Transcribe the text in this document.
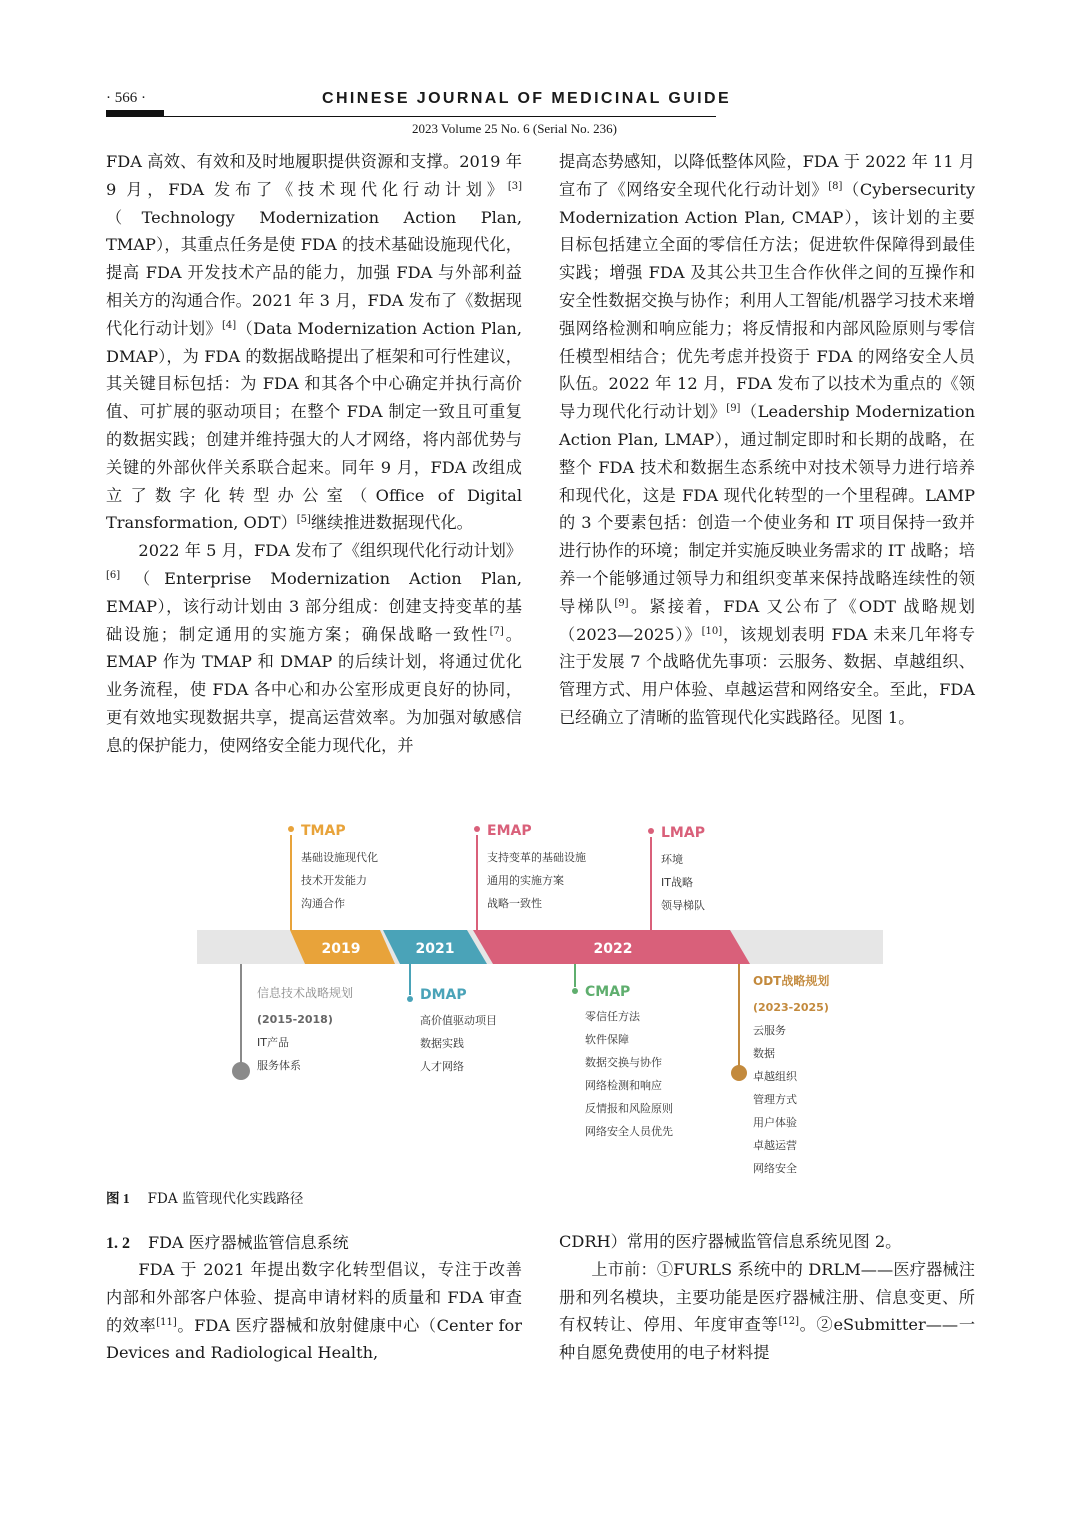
· 566 ·	CHINESE JOURNAL OF MEDICINAL GUIDE
2023 Volume 25 No. 6 (Serial No. 236)

FDA 高效、有效和及时地履职提供资源和支撑。2019 年 9 月，FDA 发布了《技术现代化行动计划》[3]（Technology Modernization Action Plan, TMAP），其重点任务是使 FDA 的技术基础设施现代化，提高 FDA 开发技术产品的能力，加强 FDA 与外部利益相关方的沟通合作。2021 年 3 月，FDA 发布了《数据现代化行动计划》[4]（Data Modernization Action Plan, DMAP），为 FDA 的数据战略提出了框架和可行性建议，其关键目标包括：为 FDA 和其各个中心确定并执行高价值、可扩展的驱动项目；在整个 FDA 制定一致且可重复的数据实践；创建并维持强大的人才网络，将内部优势与关键的外部伙伴关系联合起来。同年 9 月，FDA 改组成立了数字化转型办公室（Office of Digital Transformation, ODT）[5]继续推进数据现代化。

2022 年 5 月，FDA 发布了《组织现代化行动计划》[6]（Enterprise Modernization Action Plan, EMAP），该行动计划由 3 部分组成：创建支持变革的基础设施；制定通用的实施方案；确保战略一致性[7]。EMAP 作为 TMAP 和 DMAP 的后续计划，将通过优化业务流程，使 FDA 各中心和办公室形成更良好的协同，更有效地实现数据共享，提高运营效率。为加强对敏感信息的保护能力，使网络安全能力现代化，并

提高态势感知，以降低整体风险，FDA 于 2022 年 11 月宣布了《网络安全现代化行动计划》[8]（Cybersecurity Modernization Action Plan, CMAP），该计划的主要目标包括建立全面的零信任方法；促进软件保障得到最佳实践；增强 FDA 及其公共卫生合作伙伴之间的互操作和安全性数据交换与协作；利用人工智能/机器学习技术来增强网络检测和响应能力；将反情报和内部风险原则与零信任模型相结合；优先考虑并投资于 FDA 的网络安全人员队伍。2022 年 12 月，FDA 发布了以技术为重点的《领导力现代化行动计划》[9]（Leadership Modernization Action Plan, LMAP），通过制定即时和长期的战略，在整个 FDA 技术和数据生态系统中对技术领导力进行培养和现代化，这是 FDA 现代化转型的一个里程碑。LAMP 的 3 个要素包括：创造一个使业务和 IT 项目保持一致并进行协作的环境；制定并实施反映业务需求的 IT 战略；培养一个能够通过领导力和组织变革来保持战略连续性的领导梯队[9]。紧接着，FDA 又公布了《ODT 战略规划（2023—2025）》[10]，该规划表明 FDA 未来几年将专注于发展 7 个战略优先事项：云服务、数据、卓越组织、管理方式、用户体验、卓越运营和网络安全。至此，FDA 已经确立了清晰的监管现代化实践路径。见图 1。

2019	2021	2022
TMAP
基础设施现代化
技术开发能力
沟通合作
EMAP
支持变革的基础设施
通用的实施方案
战略一致性
LMAP
环境
IT战略
领导梯队
信息技术战略规划
(2015-2018)
IT产品
服务体系
DMAP
高价值驱动项目
数据实践
人才网络
CMAP
零信任方法
软件保障
数据交换与协作
网络检测和响应
反情报和风险原则
网络安全人员优先
ODT战略规划
(2023-2025)
云服务
数据
卓越组织
管理方式
用户体验
卓越运营
网络安全
图 1 FDA 监管现代化实践路径
1. 2 FDA 医疗器械监管信息系统

FDA 于 2021 年提出数字化转型倡议，专注于改善内部和外部客户体验、提高申请材料的质量和 FDA 审查的效率[11]。FDA 医疗器械和放射健康中心（Center for Devices and Radiological Health,

CDRH）常用的医疗器械监管信息系统见图 2。

上市前：①FURLS 系统中的 DRLM——医疗器械注册和列名模块，主要功能是医疗器械注册、信息变更、所有权转让、停用、年度审查等[12]。②eSubmitter——一种自愿免费使用的电子材料提
